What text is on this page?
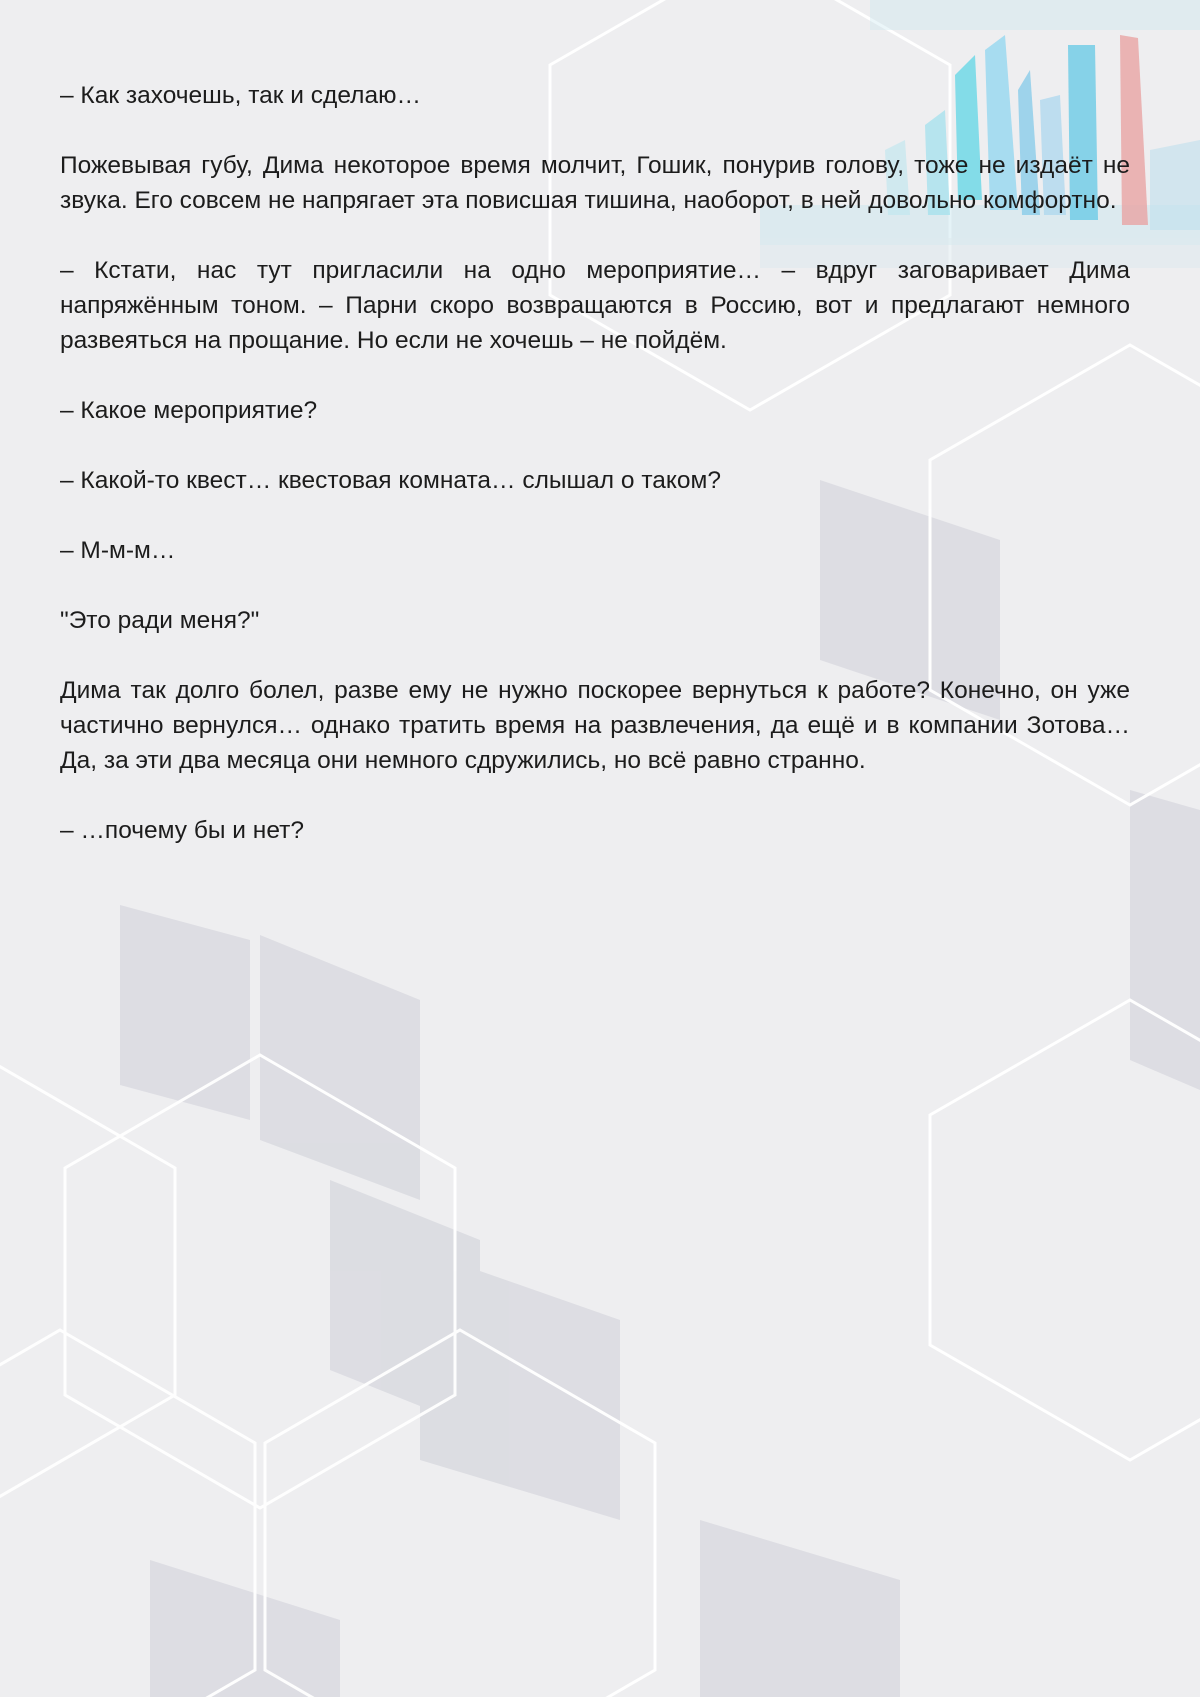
– Как захочешь, так и сделаю…

Пожевывая губу, Дима некоторое время молчит, Гошик, понурив голову, тоже не издаёт не звука. Его совсем не напрягает эта повисшая тишина, наоборот, в ней довольно комфортно.

– Кстати, нас тут пригласили на одно мероприятие… – вдруг заговаривает Дима напряжённым тоном. – Парни скоро возвращаются в Россию, вот и предлагают немного развеяться на прощание. Но если не хочешь – не пойдём.

– Какое мероприятие?

– Какой-то квест… квестовая комната… слышал о таком?

– М-м-м…

"Это ради меня?"

Дима так долго болел, разве ему не нужно поскорее вернуться к работе? Конечно, он уже частично вернулся… однако тратить время на развлечения, да ещё и в компании Зотова… Да, за эти два месяца они немного сдружились, но всё равно странно.

– …почему бы и нет?
